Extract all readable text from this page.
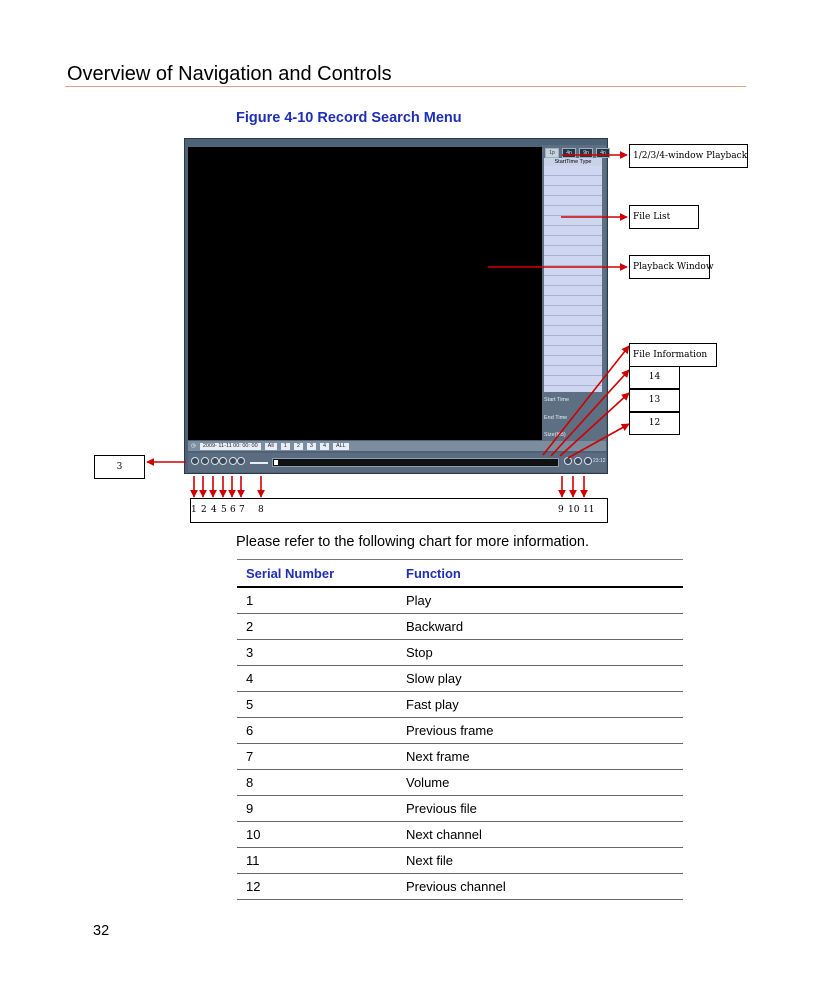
Overview of Navigation and Controls
Figure 4-10 Record Search Menu
1p	4n	9n	4n
StartTime Type
Start Time
End Time
Size(KB)
◷	2009- 11-11 00: 00: 00	All	1	2	3	4	ALL
23:12
1/2/3/4-window Playback
File List
Playback Window
File Information
14
13
12
3
1 2 4 5 6 7 8	9 10 11
Please refer to the following chart for more information.
Serial Number	Function
1	Play
2	Backward
3	Stop
4	Slow play
5	Fast play
6	Previous frame
7	Next frame
8	Volume
9	Previous file
10	Next channel
11	Next file
12	Previous channel
32
